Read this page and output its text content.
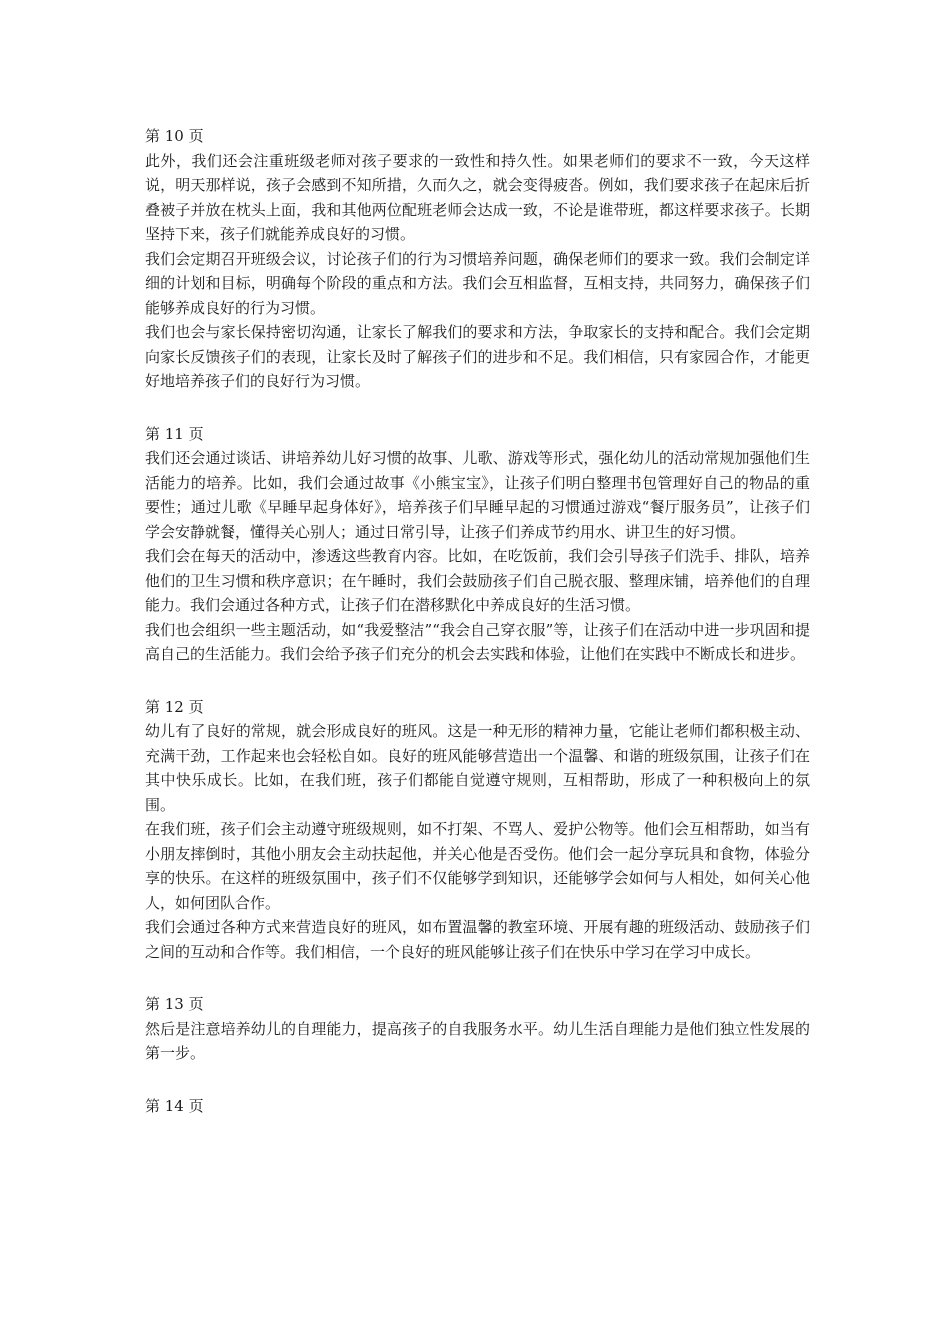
第 10 页

此外，我们还会注重班级老师对孩子要求的一致性和持久性。如果老师们的要求不一致，今天这样说，明天那样说，孩子会感到不知所措，久而久之，就会变得疲沓。例如，我们要求孩子在起床后折叠被子并放在枕头上面，我和其他两位配班老师会达成一致，不论是谁带班，都这样要求孩子。长期坚持下来，孩子们就能养成良好的习惯。

我们会定期召开班级会议，讨论孩子们的行为习惯培养问题，确保老师们的要求一致。我们会制定详细的计划和目标，明确每个阶段的重点和方法。我们会互相监督，互相支持，共同努力，确保孩子们能够养成良好的行为习惯。

我们也会与家长保持密切沟通，让家长了解我们的要求和方法，争取家长的支持和配合。我们会定期向家长反馈孩子们的表现，让家长及时了解孩子们的进步和不足。我们相信，只有家园合作，才能更好地培养孩子们的良好行为习惯。

第 11 页

我们还会通过谈话、讲培养幼儿好习惯的故事、儿歌、游戏等形式，强化幼儿的活动常规加强他们生活能力的培养。比如，我们会通过故事《小熊宝宝》，让孩子们明白整理书包管理好自己的物品的重要性；通过儿歌《早睡早起身体好》，培养孩子们早睡早起的习惯通过游戏“餐厅服务员”，让孩子们学会安静就餐，懂得关心别人；通过日常引导，让孩子们养成节约用水、讲卫生的好习惯。

我们会在每天的活动中，渗透这些教育内容。比如，在吃饭前，我们会引导孩子们洗手、排队，培养他们的卫生习惯和秩序意识；在午睡时，我们会鼓励孩子们自己脱衣服、整理床铺，培养他们的自理能力。我们会通过各种方式，让孩子们在潜移默化中养成良好的生活习惯。

我们也会组织一些主题活动，如“我爱整洁”“我会自己穿衣服”等，让孩子们在活动中进一步巩固和提高自己的生活能力。我们会给予孩子们充分的机会去实践和体验，让他们在实践中不断成长和进步。

第 12 页

幼儿有了良好的常规，就会形成良好的班风。这是一种无形的精神力量，它能让老师们都积极主动、充满干劲，工作起来也会轻松自如。良好的班风能够营造出一个温馨、和谐的班级氛围，让孩子们在其中快乐成长。比如，在我们班，孩子们都能自觉遵守规则，互相帮助，形成了一种积极向上的氛围。

在我们班，孩子们会主动遵守班级规则，如不打架、不骂人、爱护公物等。他们会互相帮助，如当有小朋友摔倒时，其他小朋友会主动扶起他，并关心他是否受伤。他们会一起分享玩具和食物，体验分享的快乐。在这样的班级氛围中，孩子们不仅能够学到知识，还能够学会如何与人相处，如何关心他人，如何团队合作。

我们会通过各种方式来营造良好的班风，如布置温馨的教室环境、开展有趣的班级活动、鼓励孩子们之间的互动和合作等。我们相信，一个良好的班风能够让孩子们在快乐中学习在学习中成长。

第 13 页

然后是注意培养幼儿的自理能力，提高孩子的自我服务水平。幼儿生活自理能力是他们独立性发展的第一步。

第 14 页
